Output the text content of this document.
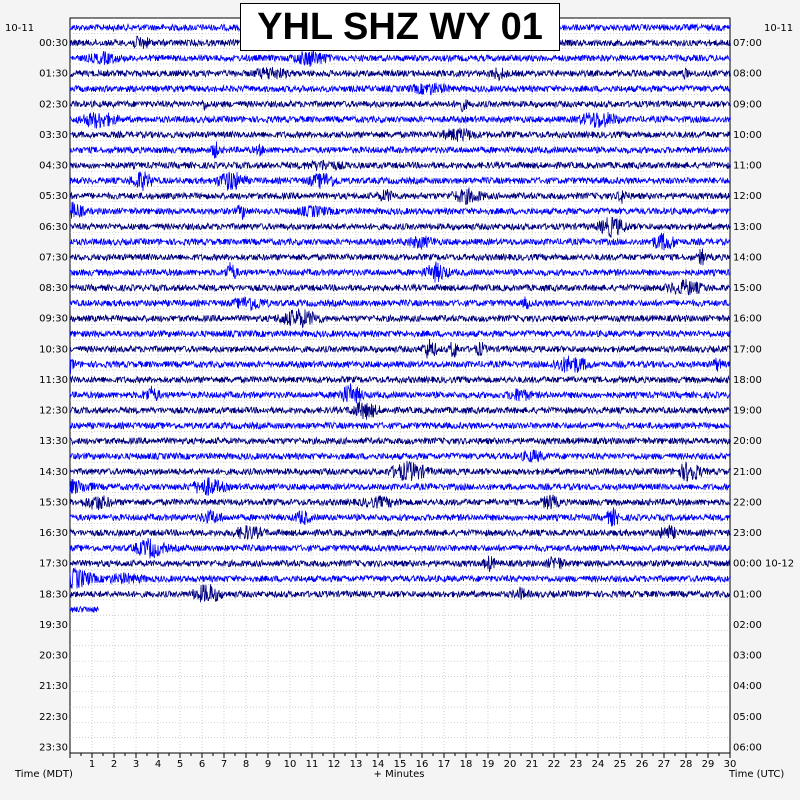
1 2 3 4 5 6 7 8 9 10 11 12 13 14 15 16 17 18 19 20 21 22 23 24 25 26 27 28 29 30
00:30
01:30
02:30
03:30
04:30
05:30
06:30
07:30
08:30
09:30
10:30
11:30
12:30
13:30
14:30
15:30
16:30
17:30
18:30
19:30
20:30
21:30
22:30
23:30
07:00
08:00
09:00
10:00
11:00
12:00
13:00
14:00
15:00
16:00
17:00
18:00
19:00
20:00
21:00
22:00
23:00
00:00 10-12
01:00
02:00
03:00
04:00
05:00
06:00
10-11	10-11
Time (MDT)	+ Minutes	Time (UTC)
YHL SHZ WY 01
